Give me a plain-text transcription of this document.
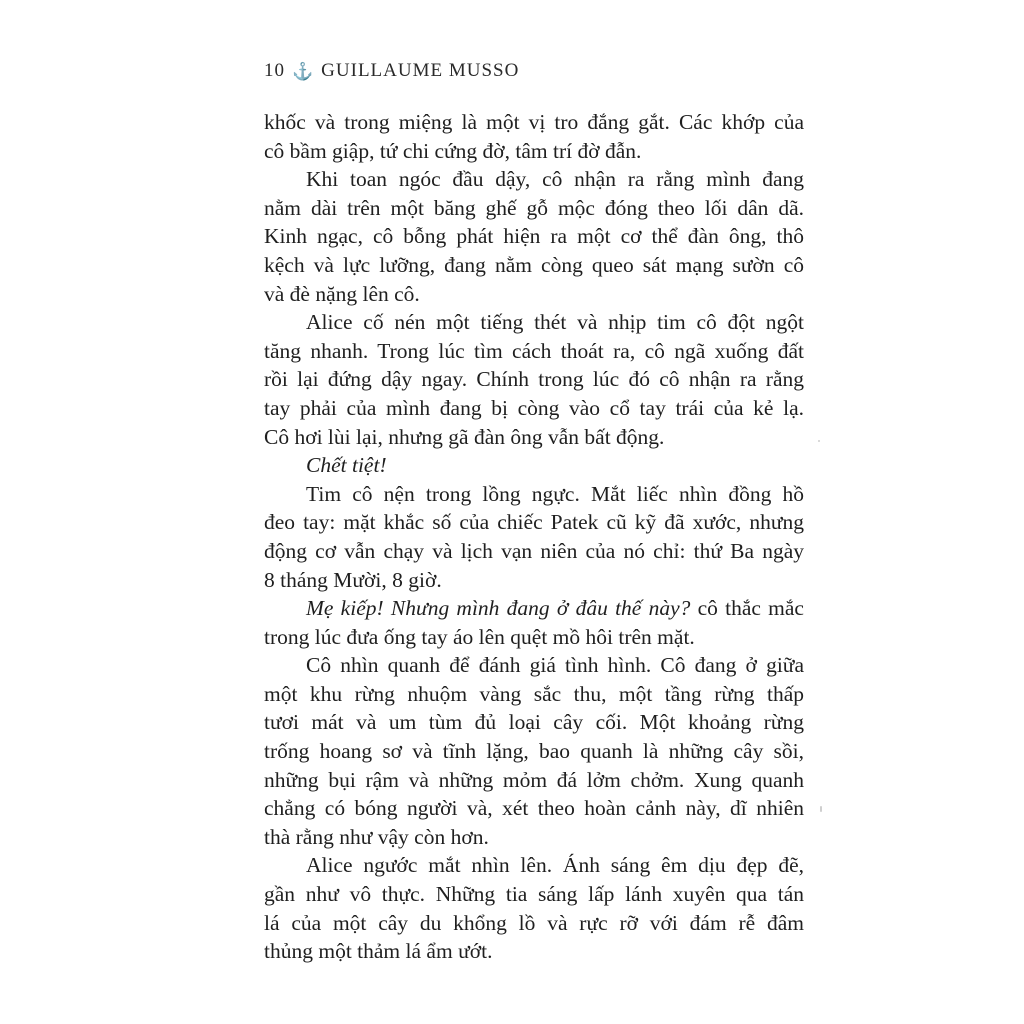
10 ⚓ GUILLAUME MUSSO
khốc và trong miệng là một vị tro đắng gắt. Các khớp của
cô bầm giập, tứ chi cứng đờ, tâm trí đờ đẫn.
Khi toan ngóc đầu dậy, cô nhận ra rằng mình đang
nằm dài trên một băng ghế gỗ mộc đóng theo lối dân dã.
Kinh ngạc, cô bỗng phát hiện ra một cơ thể đàn ông, thô
kệch và lực lưỡng, đang nằm còng queo sát mạng sườn cô
và đè nặng lên cô.
Alice cố nén một tiếng thét và nhịp tim cô đột ngột
tăng nhanh. Trong lúc tìm cách thoát ra, cô ngã xuống đất
rồi lại đứng dậy ngay. Chính trong lúc đó cô nhận ra rằng
tay phải của mình đang bị còng vào cổ tay trái của kẻ lạ.
Cô hơi lùi lại, nhưng gã đàn ông vẫn bất động.
Chết tiệt!
Tim cô nện trong lồng ngực. Mắt liếc nhìn đồng hồ
đeo tay: mặt khắc số của chiếc Patek cũ kỹ đã xước, nhưng
động cơ vẫn chạy và lịch vạn niên của nó chỉ: thứ Ba ngày
8 tháng Mười, 8 giờ.
Mẹ kiếp! Nhưng mình đang ở đâu thế này? cô thắc mắc
trong lúc đưa ống tay áo lên quệt mồ hôi trên mặt.
Cô nhìn quanh để đánh giá tình hình. Cô đang ở giữa
một khu rừng nhuộm vàng sắc thu, một tầng rừng thấp
tươi mát và um tùm đủ loại cây cối. Một khoảng rừng
trống hoang sơ và tĩnh lặng, bao quanh là những cây sồi,
những bụi rậm và những mỏm đá lởm chởm. Xung quanh
chẳng có bóng người và, xét theo hoàn cảnh này, dĩ nhiên
thà rằng như vậy còn hơn.
Alice ngước mắt nhìn lên. Ánh sáng êm dịu đẹp đẽ,
gần như vô thực. Những tia sáng lấp lánh xuyên qua tán
lá của một cây du khổng lồ và rực rỡ với đám rễ đâm
thủng một thảm lá ẩm ướt.
